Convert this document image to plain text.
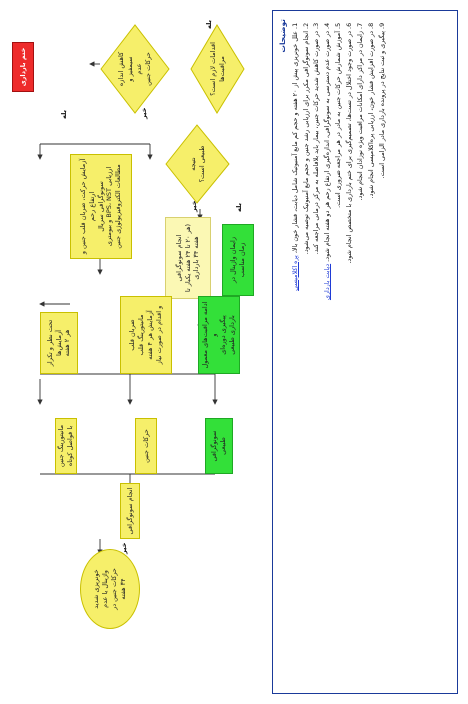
ختم بارداری	کاهش اندازه
سیمفیز و
عدم
حرکات جنین
اقدامات لازم است؟
مراقبت‌ها
آزمایش حرکت، ضربان قلب جنین و
ارتفاع رحم
سونوگرافی سریال
ارزیابی BPS، NST و بیومتری
مطالعات الکتروفیزیولوژی جنین
نتیجه‌
طبیعی است؟
انجام سونوگرافی
(هر ۲۰ تا ۲۴ هفته یکبار تا
هفته ۳۴ بارداری
زایمان واژینال در
زمان مناسب
تحت نظر و تکرار آزمایش‌ها
هر ۲ هفته
مانیتورینگ جنین
با فواصل کوتاه
ضربان قلب
مانیتورینگ قلب
آزمایش هر ۴ هفته
و اقدام در صورت نیاز
حرکات جنین
ادامه مراقبت‌های معمول و
پیگیری دوره‌ای
بارداری طبیعی
سونوگرافی طبیعی
انجام سونوگرافی
خونریزی شدید
واژینال یا عدم
حرکات جنین در
۳۴ هفته
خیر
بله
خیر	بله
بله
خیر
توضیحات
1. علل خونریزی پیش از ۲۰ هفته و حجم کم مایع آمنیوتیک شامل دیابت، فشار خون بالا، پره اکلامپسی
2. انجام سونوگرافی مکرر برای ارزیابی رشد جنین و حجم مایع آمنیوتیک توصیه می‌شود. 3. در صورت کاهش شدید حرکات جنین، بیمار باید بلافاصله به مرکز درمانی مراجعه کند. 4. در صورت عدم دسترسی به سونوگرافی، اندازه‌گیری ارتفاع رحم هر دو هفته انجام شود. دیابت بارداری
5. آموزش شمارش حرکات جنین به مادر در هر مراجعه ضروری است. 6. در صورت وجود اختلال در تست‌ها، تصمیم‌گیری برای ختم بارداری با متخصص انجام شود. 7. زایمان در مراکز دارای امکانات مراقبت ویژه نوزادان انجام شود. 8. در صورت افزایش فشار خون، ارزیابی پره‌اکلامپسی انجام شود. 9. پیگیری و ثبت نتایج در پرونده بارداری مادر الزامی است.
